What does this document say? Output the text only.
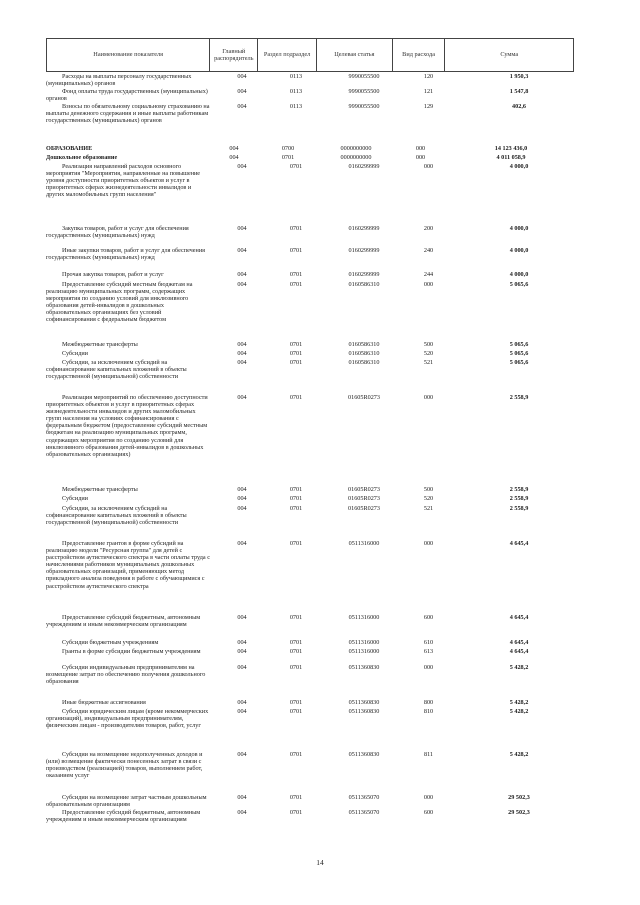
Наименование показателя
Главный распорядитель
Раздел подраздел	Целевая статья	Вид расхода	Сумма
Расходы на выплаты персоналу государственных (муниципальных) органов
004	0113	9990055500	120	1 950,3
Фонд оплаты труда государственных (муниципальных) органов
004	0113	9990055500	121	1 547,8
Взносы по обязательному социальному страхованию на выплаты денежного содержания и иные выплаты работникам государственных (муниципальных) органов
004	0113	9990055500	129	402,6
ОБРАЗОВАНИЕ	004	0700	0000000000	000	14 123 436,0
Дошкольное образование	004	0701	0000000000	000	4 011 058,9
Реализация направлений расходов основного мероприятия "Мероприятия, направленные на повышение уровня доступности приоритетных объектов и услуг в приоритетных сферах жизнедеятельности инвалидов и других маломобильных групп населения"
004	0701	0160299999	000	4 000,0
Закупка товаров, работ и услуг для обеспечения государственных (муниципальных) нужд
004	0701	0160299999	200	4 000,0
Иные закупки товаров, работ и услуг для обеспечения государственных (муниципальных) нужд
004	0701	0160299999	240	4 000,0
Прочая закупка товаров, работ и услуг	004	0701	0160299999	244	4 000,0
Предоставление субсидий местным бюджетам на реализацию муниципальных программ, содержащих мероприятия по созданию условий для инклюзивного образования детей-инвалидов в дошкольных образовательных организациях без условий софинансирования с федеральным бюджетом
004	0701	0160586310	000	5 065,6
Межбюджетные трансферты	004	0701	0160586310	500	5 065,6
Субсидии	004	0701	0160586310	520	5 065,6
Субсидии, за исключением субсидий на софинансирование капитальных вложений в объекты государственной (муниципальной) собственности
004	0701	0160586310	521	5 065,6
Реализация мероприятий по обеспечению доступности приоритетных объектов и услуг в приоритетных сферах жизнедеятельности инвалидов и других маломобильных групп населения на условиях софинансирования с федеральным бюджетом (предоставление субсидий местным бюджетам на реализацию муниципальных программ, содержащих мероприятия по созданию условий для инклюзивного образования детей-инвалидов в дошкольных образовательных организациях)
004	0701	01605R0273	000	2 558,9
Межбюджетные трансферты	004	0701	01605R0273	500	2 558,9
Субсидии	004	0701	01605R0273	520	2 558,9
Субсидии, за исключением субсидий на софинансирование капитальных вложений в объекты государственной (муниципальной) собственности
004	0701	01605R0273	521	2 558,9
Предоставление грантов в форме субсидий на реализацию модели "Ресурсная группа" для детей с расстройством аутистического спектра в части оплаты труда с начислениями работников муниципальных дошкольных образовательных организаций, применяющих метод прикладного анализа поведения в работе с обучающимися с расстройством аутистического спектра
004	0701	0511316000	000	4 645,4
Предоставление субсидий бюджетным, автономным учреждениям и иным некоммерческим организациям
004	0701	0511316000	600	4 645,4
Субсидии бюджетным учреждениям	004	0701	0511316000	610	4 645,4
Гранты в форме субсидии бюджетным учреждениям	004	0701	0511316000	613	4 645,4
Субсидии индивидуальным предпринимателям на возмещение затрат по обеспечению получения дошкольного образования
004	0701	0511360830	000	5 428,2
Иные бюджетные ассигнования	004	0701	0511360830	800	5 428,2
Субсидии юридическим лицам (кроме некоммерческих организаций), индивидуальным предпринимателям, физическим лицам - производителям товаров, работ, услуг
004	0701	0511360830	810	5 428,2
Субсидии на возмещение недополученных доходов и (или) возмещение фактически понесенных затрат в связи с производством (реализацией) товаров, выполнением работ, оказанием услуг
004	0701	0511360830	811	5 428,2
Субсидии на возмещение затрат частным дошкольным образовательным организациям
004	0701	0511365070	000	29 502,3
Предоставление субсидий бюджетным, автономным учреждениям и иным некоммерческим организациям
004	0701	0511365070	600	29 502,3
14
